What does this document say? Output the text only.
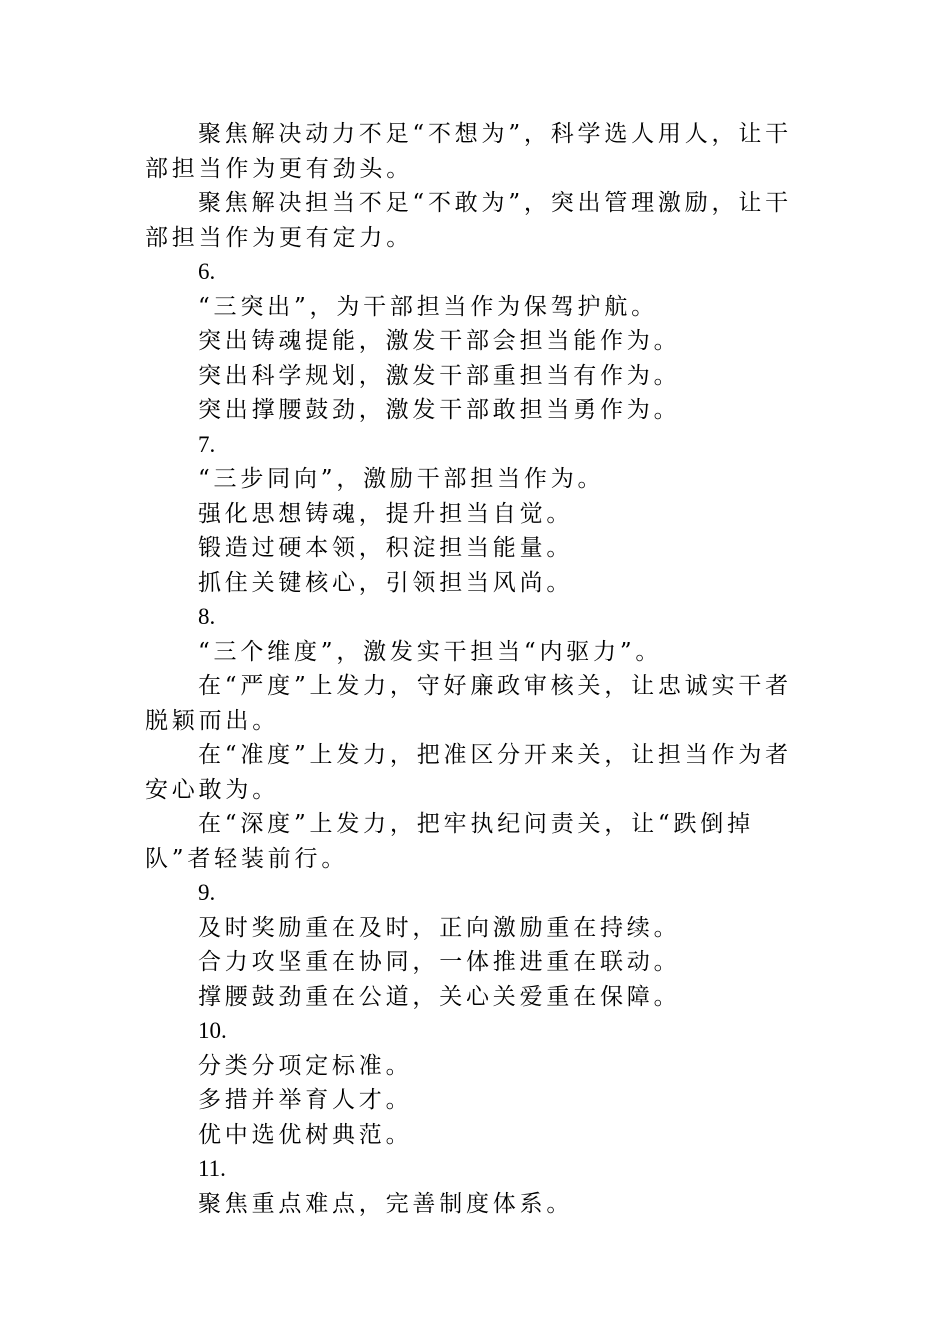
聚焦解决动力不足“不想为”，科学选人用人，让干部担当作为更有劲头。

聚焦解决担当不足“不敢为”，突出管理激励，让干部担当作为更有定力。

6.

“三突出”，为干部担当作为保驾护航。

突出铸魂提能，激发干部会担当能作为。

突出科学规划，激发干部重担当有作为。

突出撑腰鼓劲，激发干部敢担当勇作为。

7.

“三步同向”，激励干部担当作为。

强化思想铸魂，提升担当自觉。

锻造过硬本领，积淀担当能量。

抓住关键核心，引领担当风尚。

8.

“三个维度”，激发实干担当“内驱力”。

在“严度”上发力，守好廉政审核关，让忠诚实干者脱颖而出。

在“准度”上发力，把准区分开来关，让担当作为者安心敢为。

在“深度”上发力，把牢执纪问责关，让“跌倒掉队”者轻装前行。

9.

及时奖励重在及时，正向激励重在持续。

合力攻坚重在协同，一体推进重在联动。

撑腰鼓劲重在公道，关心关爱重在保障。

10.

分类分项定标准。

多措并举育人才。

优中选优树典范。

11.

聚焦重点难点，完善制度体系。
